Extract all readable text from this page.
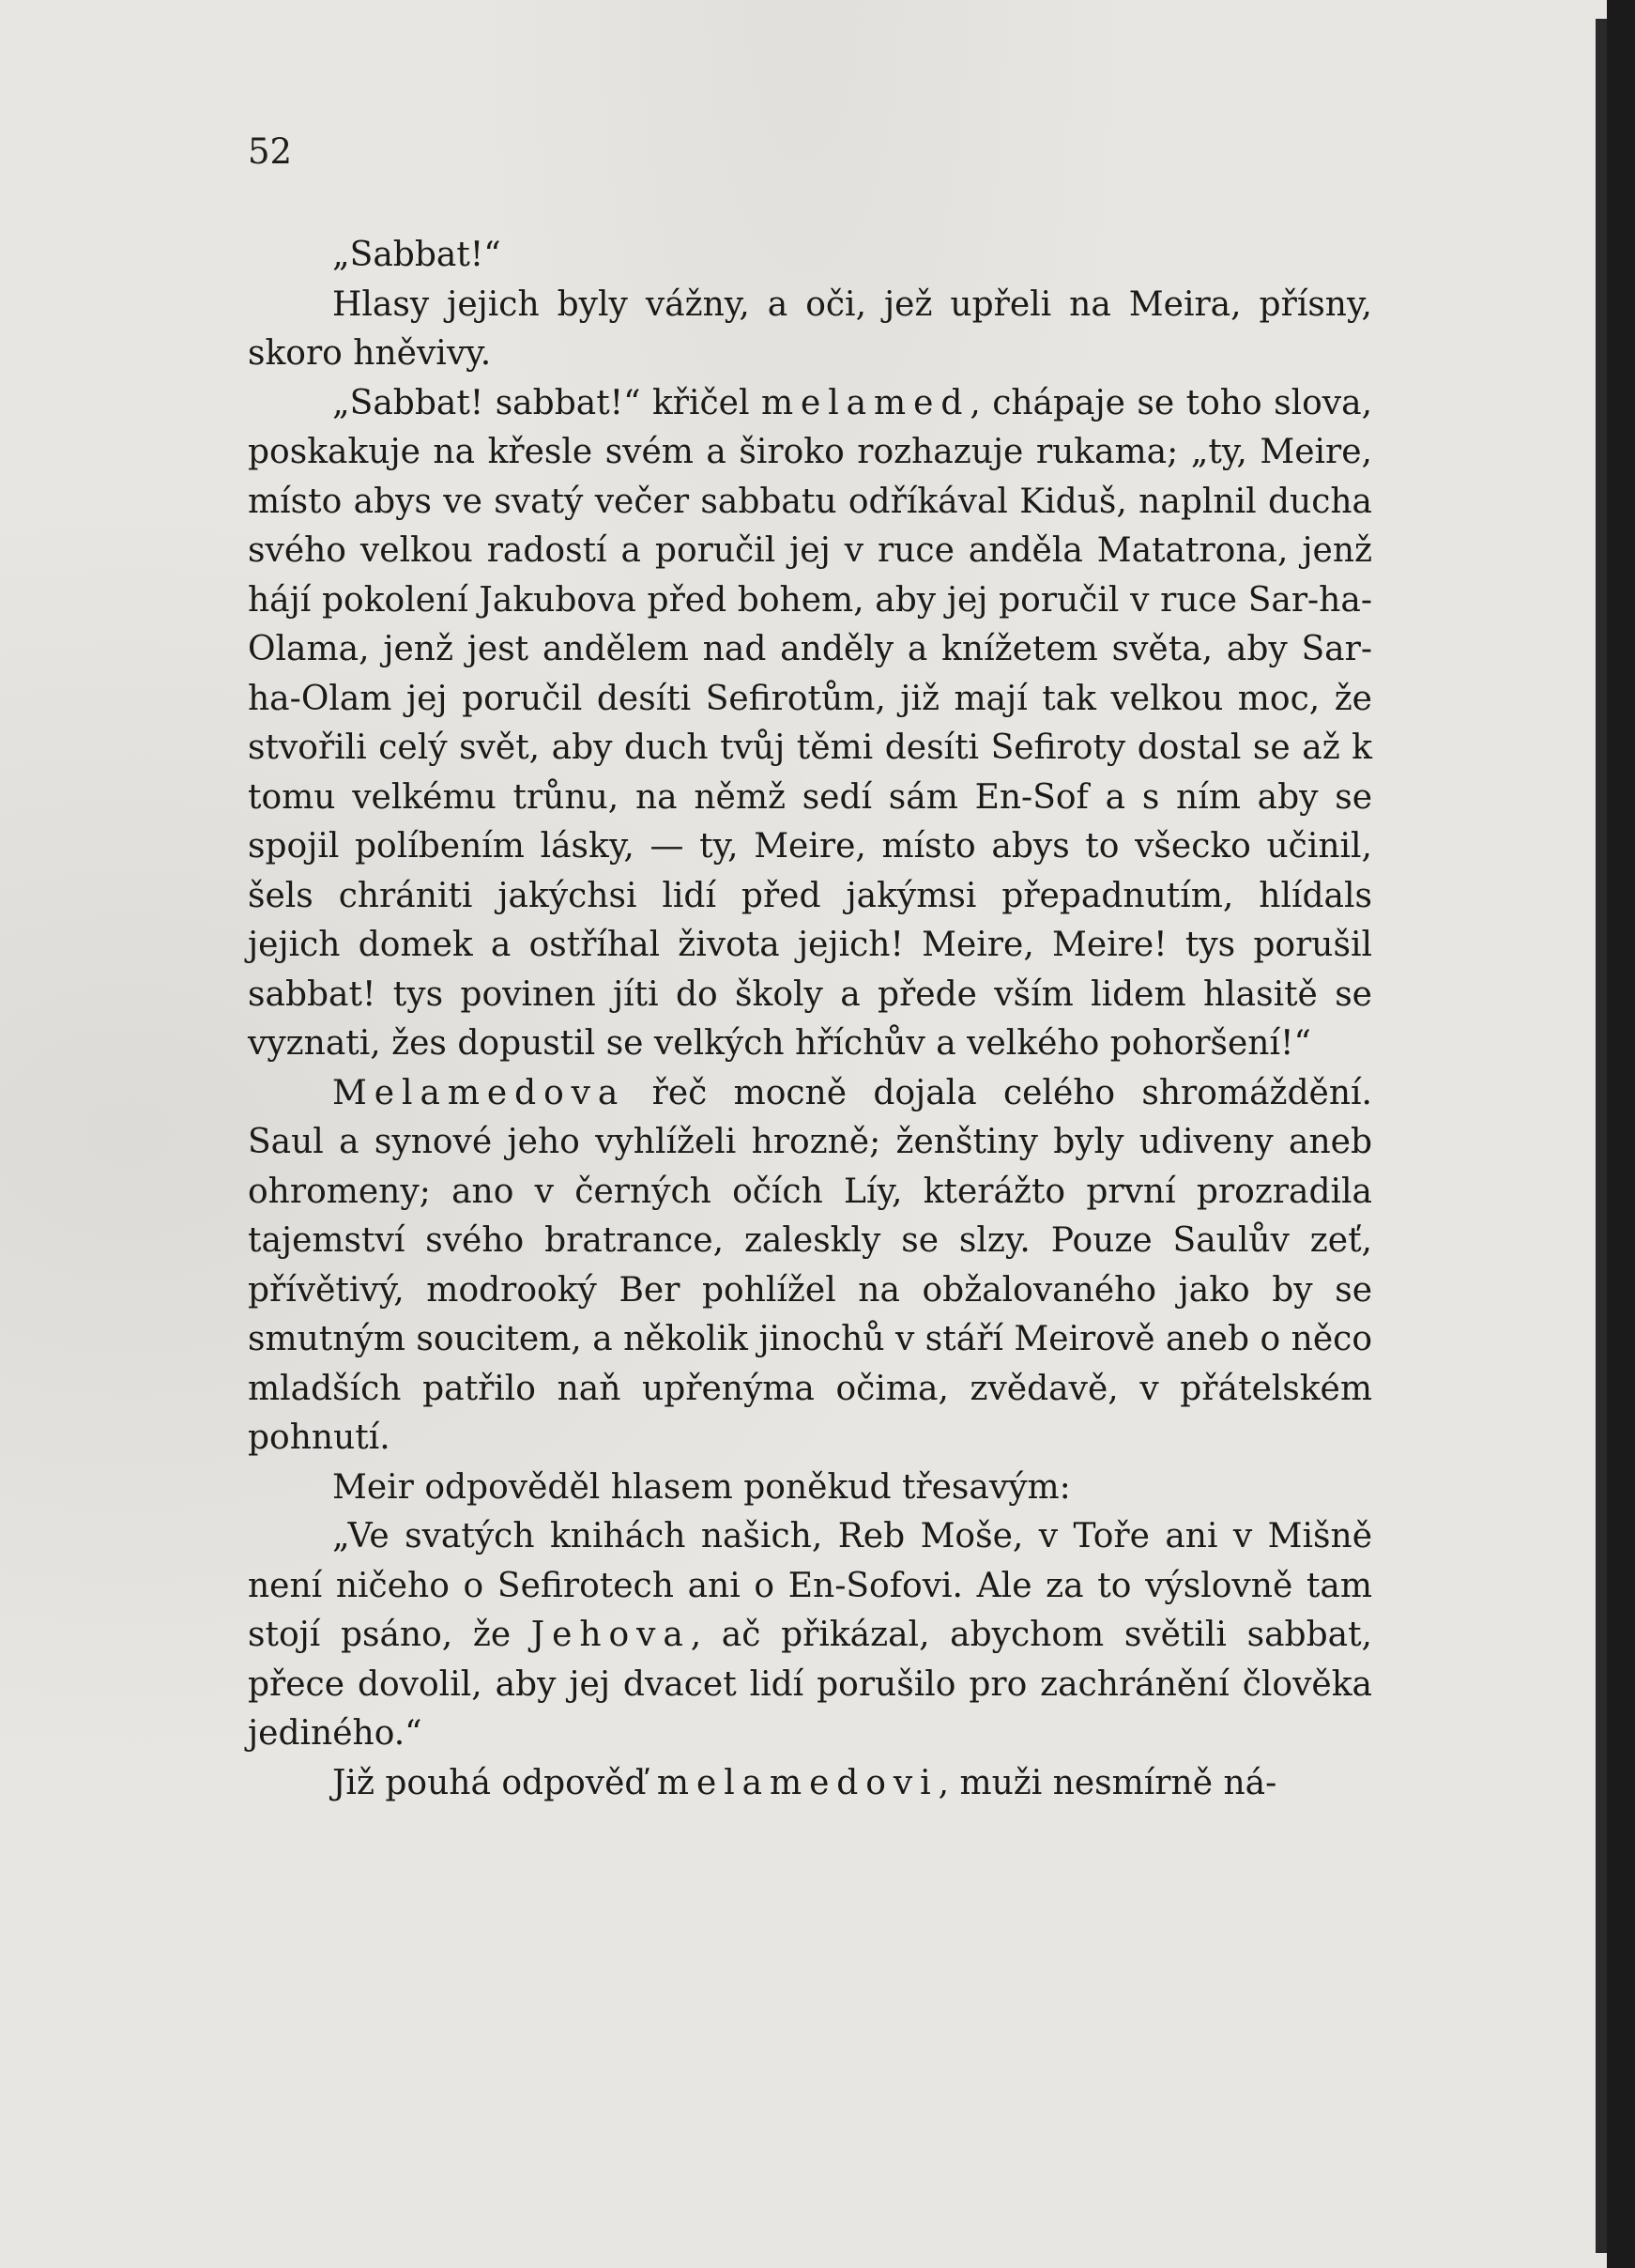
52

„Sabbat!“

Hlasy jejich byly vážny, a oči, jež upřeli na Meira, přísny, skoro hněvivy.

„Sabbat! sabbat!“ křičel melamed, chápaje se toho slova, poskakuje na křesle svém a široko rozhazuje rukama; „ty, Meire, místo abys ve svatý večer sabbatu odříkával Kiduš, naplnil ducha svého velkou radostí a poručil jej v ruce anděla Matatrona, jenž hájí pokolení Jakubova před bohem, aby jej poručil v ruce Sar-ha-Olama, jenž jest andělem nad anděly a knížetem světa, aby Sar-ha-Olam jej poručil desíti Sefirotům, již mají tak velkou moc, že stvořili celý svět, aby duch tvůj těmi desíti Sefiroty dostal se až k tomu velkému trůnu, na němž sedí sám En-Sof a s ním aby se spojil políbením lásky, — ty, Meire, místo abys to všecko učinil, šels chrániti jakýchsi lidí před jakýmsi přepadnutím, hlídals jejich domek a ostříhal života jejich! Meire, Meire! tys porušil sabbat! tys povinen jíti do školy a přede vším lidem hlasitě se vyznati, žes dopustil se velkých hříchův a velkého pohoršení!“

Melamedova řeč mocně dojala celého shromáždění. Saul a synové jeho vyhlíželi hrozně; ženštiny byly udiveny aneb ohromeny; ano v černých očích Líy, kterážto první prozradila tajemství svého bratrance, zaleskly se slzy. Pouze Saulův zeť, přívětivý, modrooký Ber pohlížel na obžalovaného jako by se smutným soucitem, a několik jinochů v stáří Meirově aneb o něco mladších patřilo naň upřenýma očima, zvědavě, v přátelském pohnutí.

Meir odpověděl hlasem poněkud třesavým:

„Ve svatých knihách našich, Reb Moše, v Toře ani v Mišně není ničeho o Sefirotech ani o En-Sofovi. Ale za to výslovně tam stojí psáno, že Jehova, ač přikázal, abychom světili sabbat, přece dovolil, aby jej dvacet lidí porušilo pro zachránění člověka jediného.“

Již pouhá odpověď melamedovi, muži nesmírně ná-
